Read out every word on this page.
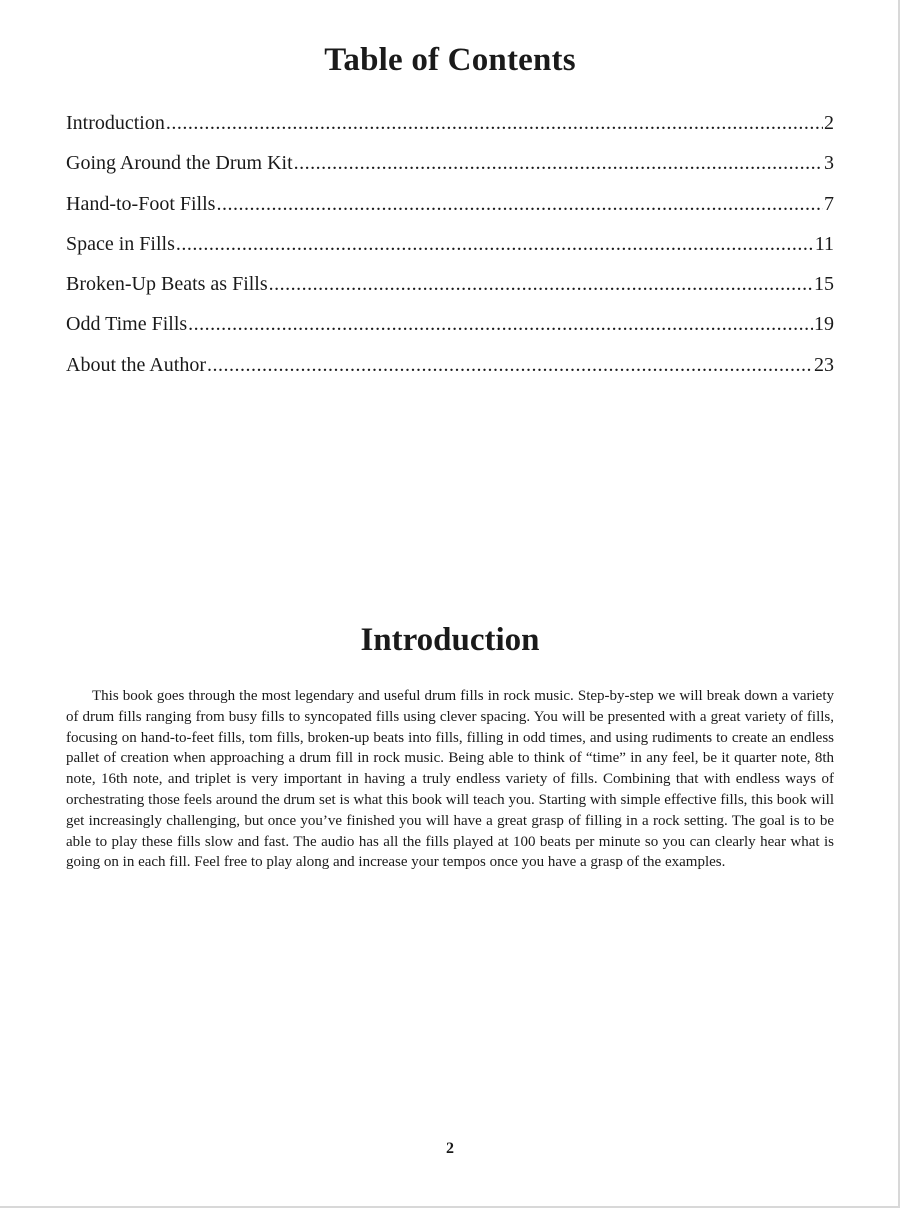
Table of Contents
Introduction .....	2
Going Around the Drum Kit .....	3
Hand-to-Foot Fills .....	7
Space in Fills .....	11
Broken-Up Beats as Fills .....	15
Odd Time Fills .....	19
About the Author .....	23
Introduction

This book goes through the most legendary and useful drum fills in rock music. Step-by-step we will break down a variety of drum fills ranging from busy fills to syncopated fills using clever spacing. You will be presented with a great variety of fills, focusing on hand-to-feet fills, tom fills, broken-up beats into fills, filling in odd times, and using rudiments to create an endless pallet of creation when approaching a drum fill in rock music. Being able to think of “time” in any feel, be it quarter note, 8th note, 16th note, and triplet is very important in having a truly endless variety of fills. Combining that with endless ways of orchestrating those feels around the drum set is what this book will teach you. Starting with simple effective fills, this book will get increasingly challenging, but once you’ve finished you will have a great grasp of filling in a rock setting. The goal is to be able to play these fills slow and fast. The audio has all the fills played at 100 beats per minute so you can clearly hear what is going on in each fill. Feel free to play along and increase your tempos once you have a grasp of the examples.

2
